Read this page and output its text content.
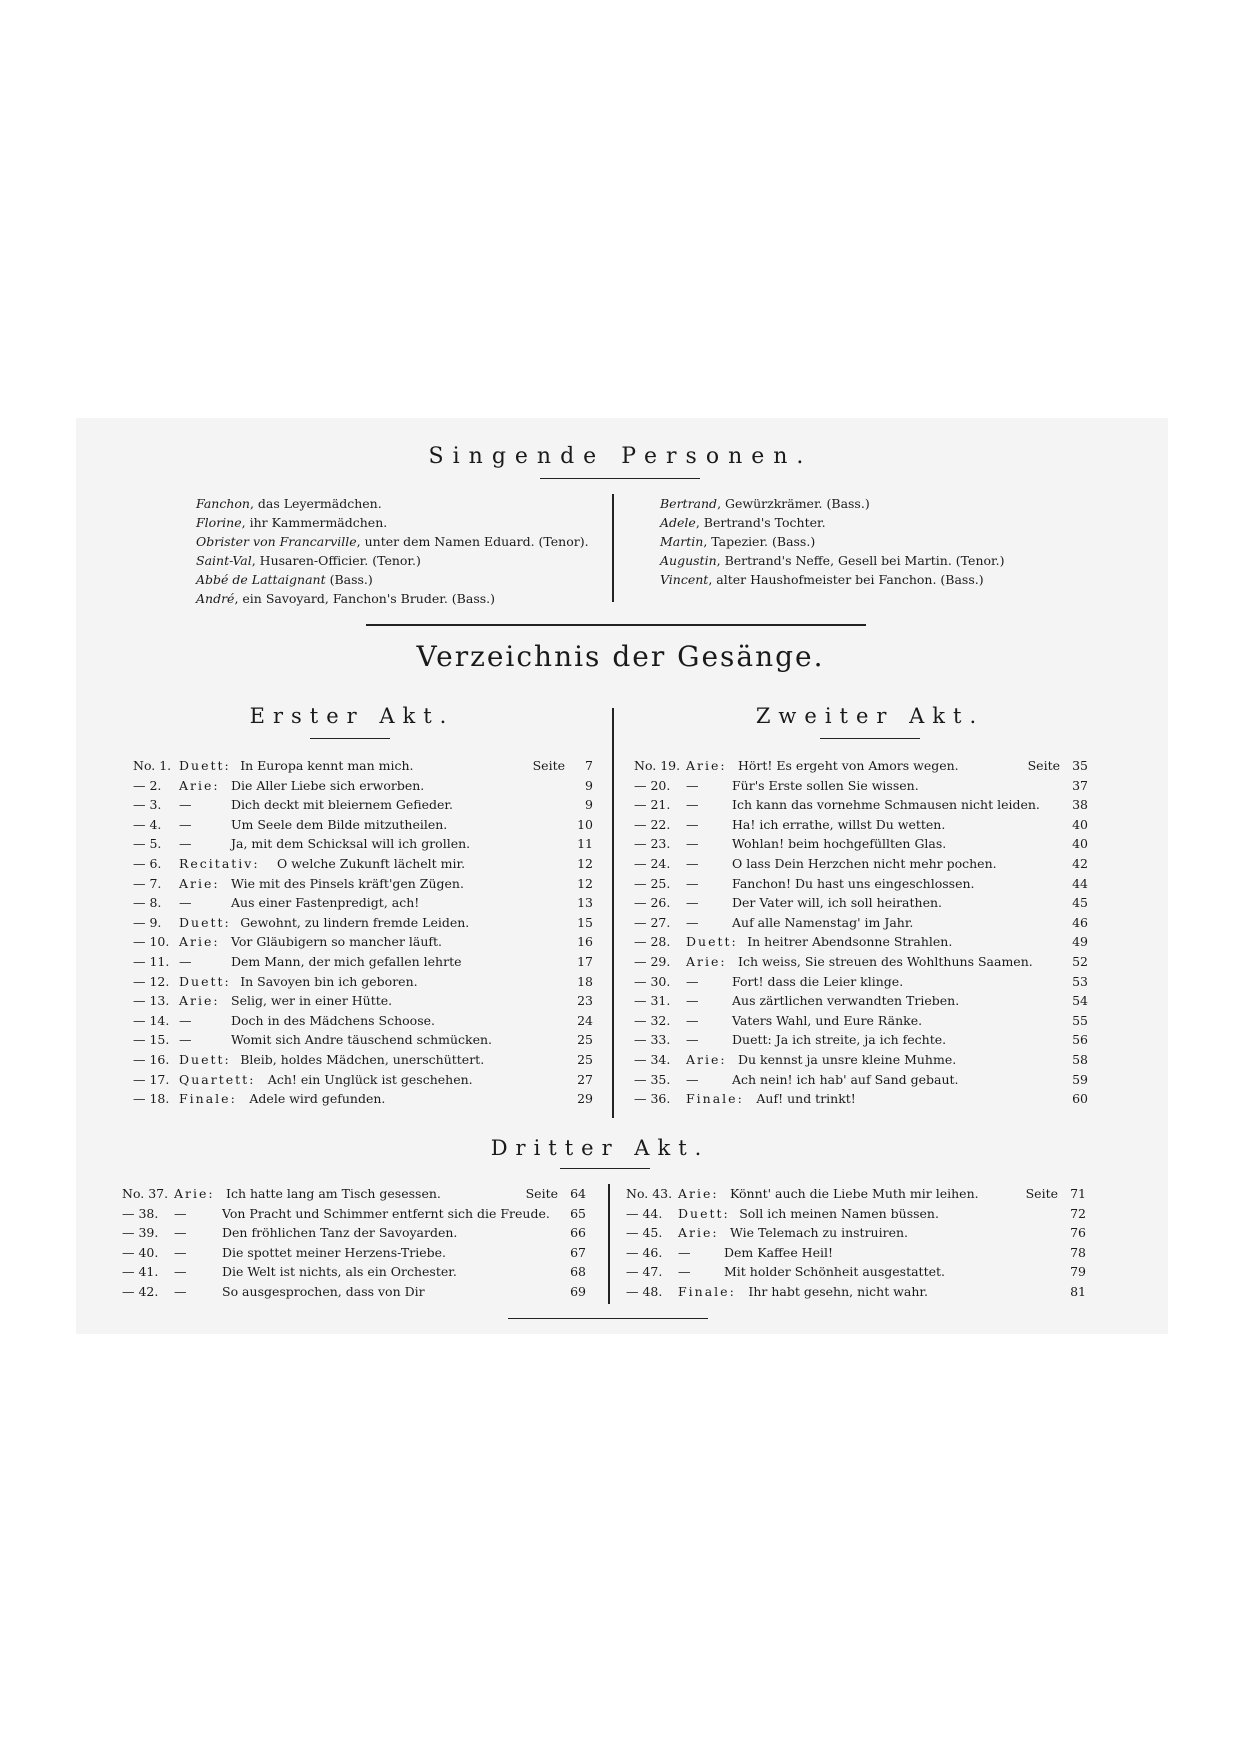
Singende Personen.
Fanchon, das Leyermädchen.
Florine, ihr Kammermädchen.
Obrister von Francarville, unter dem Namen Eduard. (Tenor).
Saint-Val, Husaren-Officier. (Tenor.)
Abbé de Lattaignant (Bass.)
André, ein Savoyard, Fanchon's Bruder. (Bass.)
Bertrand, Gewürzkrämer. (Bass.)
Adele, Bertrand's Tochter.
Martin, Tapezier. (Bass.)
Augustin, Bertrand's Neffe, Gesell bei Martin. (Tenor.)
Vincent, alter Haushofmeister bei Fanchon. (Bass.)
Verzeichnis der Gesänge.
Erster Akt.	Zweiter Akt.
No. 1. Duett: In Europa kennt man mich.	Seite	7
— 2. Arie: Die Aller Liebe sich erworben.	9
— 3. —	Dich deckt mit bleiernem Gefieder.	9
— 4. —	Um Seele dem Bilde mitzutheilen.	10
— 5. —	Ja, mit dem Schicksal will ich grollen.	11
— 6. Recitativ: O welche Zukunft lächelt mir.	12
— 7. Arie: Wie mit des Pinsels kräft'gen Zügen.	12
— 8. —	Aus einer Fastenpredigt, ach!	13
— 9. Duett: Gewohnt, zu lindern fremde Leiden.	15
— 10. Arie: Vor Gläubigern so mancher läuft.	16
— 11. —	Dem Mann, der mich gefallen lehrte	17
— 12. Duett: In Savoyen bin ich geboren.	18
— 13. Arie: Selig, wer in einer Hütte.	23
— 14. —	Doch in des Mädchens Schoose.	24
— 15. —	Womit sich Andre täuschend schmücken.	25
— 16. Duett: Bleib, holdes Mädchen, unerschüttert.	25
— 17. Quartett: Ach! ein Unglück ist geschehen.	27
— 18. Finale: Adele wird gefunden.	29
No. 19. Arie: Hört! Es ergeht von Amors wegen.	Seite 35
— 20. —	Für's Erste sollen Sie wissen.	37
— 21. —	Ich kann das vornehme Schmausen nicht leiden.	38
— 22. —	Ha! ich errathe, willst Du wetten.	40
— 23. —	Wohlan! beim hochgefüllten Glas.	40
— 24. —	O lass Dein Herzchen nicht mehr pochen.	42
— 25. —	Fanchon! Du hast uns eingeschlossen.	44
— 26. —	Der Vater will, ich soll heirathen.	45
— 27. —	Auf alle Namenstag' im Jahr.	46
— 28. Duett: In heitrer Abendsonne Strahlen.	49
— 29. Arie: Ich weiss, Sie streuen des Wohlthuns Saamen.	52
— 30. —	Fort! dass die Leier klinge.	53
— 31. —	Aus zärtlichen verwandten Trieben.	54
— 32. —	Vaters Wahl, und Eure Ränke.	55
— 33. —	Duett: Ja ich streite, ja ich fechte.	56
— 34. Arie: Du kennst ja unsre kleine Muhme.	58
— 35. —	Ach nein! ich hab' auf Sand gebaut.	59
— 36. Finale: Auf! und trinkt!	60
Dritter Akt.
No. 37. Arie: Ich hatte lang am Tisch gesessen.	Seite 64
— 38. —	Von Pracht und Schimmer entfernt sich die Freude.	65
— 39. —	Den fröhlichen Tanz der Savoyarden.	66
— 40. —	Die spottet meiner Herzens-Triebe.	67
— 41. —	Die Welt ist nichts, als ein Orchester.	68
— 42. —	So ausgesprochen, dass von Dir	69
No. 43. Arie: Könnt' auch die Liebe Muth mir leihen.	Seite 71
— 44. Duett: Soll ich meinen Namen büssen.	72
— 45. Arie: Wie Telemach zu instruiren.	76
— 46. —	Dem Kaffee Heil!	78
— 47. —	Mit holder Schönheit ausgestattet.	79
— 48. Finale: Ihr habt gesehn, nicht wahr.	81
